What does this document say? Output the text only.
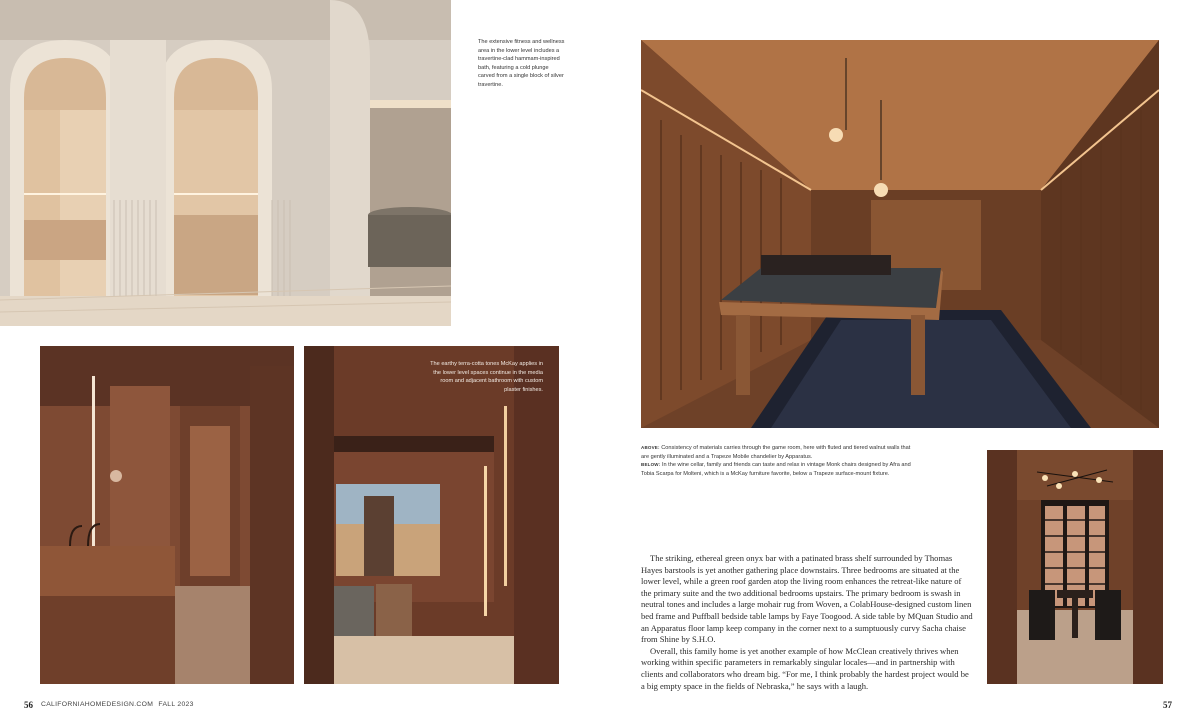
The extensive fitness and wellness area in the lower level includes a travertine-clad hammam-inspired bath, featuring a cold plunge carved from a single block of silver travertine.
The earthy terra-cotta tones McKay applies in the lower level spaces continue in the media room and adjacent bathroom with custom plaster finishes.
ABOVE: Consistency of materials carries through the game room, here with fluted and tiered walnut walls that are gently illuminated and a Trapeze Mobile chandelier by Apparatus.
BELOW: In the wine cellar, family and friends can taste and relax in vintage Monk chairs designed by Afra and Tobia Scarpa for Molteni, which is a McKay furniture favorite, below a Trapeze surface-mount fixture.

The striking, ethereal green onyx bar with a patinated brass shelf surrounded by Thomas Hayes barstools is yet another gathering place downstairs. Three bedrooms are situated at the lower level, while a green roof garden atop the living room enhances the retreat-like nature of the primary suite and the two additional bedrooms upstairs. The primary bedroom is swash in neutral tones and includes a large mohair rug from Woven, a ColabHouse-designed custom linen bed frame and Puffball bedside table lamps by Faye Toogood. A side table by MQuan Studio and an Apparatus floor lamp keep company in the corner next to a sumptuously curvy Sacha chaise from Shine by S.H.O.

Overall, this family home is yet another example of how McClean creatively thrives when working within specific parameters in remarkably singular locales—and in partnership with clients and collaborators who dream big. “For me, I think probably the hardest project would be a big empty space in the fields of Nebraska,” he says with a laugh.

56 CALIFORNIAHOMEDESIGN.COM FALL 2023	57
